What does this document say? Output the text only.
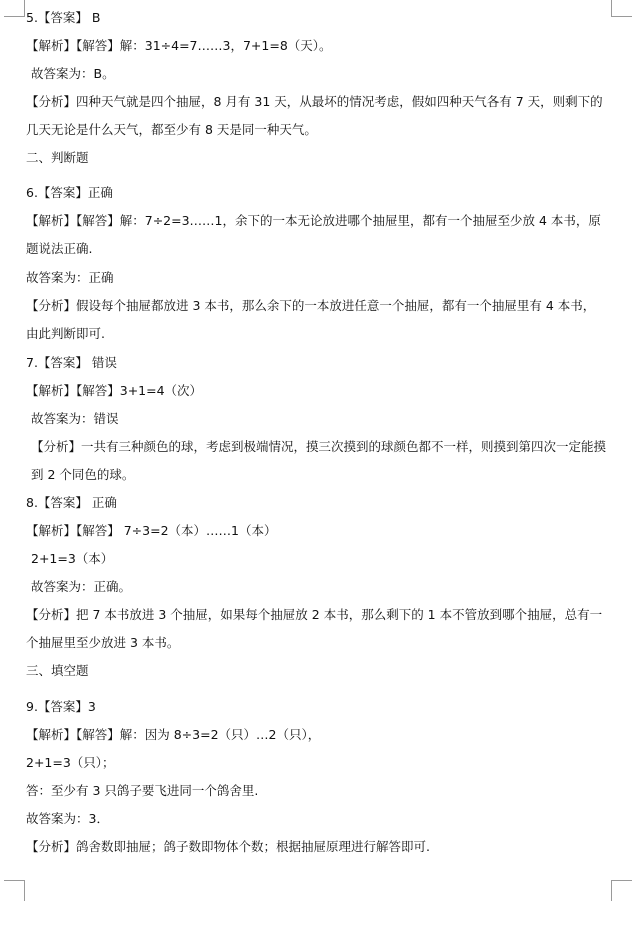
5.【答案】 B
【解析】【解答】解：31÷4=7……3，7+1=8（天）。
故答案为：B。
【分析】四种天气就是四个抽屉，8 月有 31 天，从最坏的情况考虑，假如四种天气各有 7 天，则剩下的几天无论是什么天气，都至少有 8 天是同一种天气。
二、判断题
6.【答案】正确
【解析】【解答】解：7÷2=3……1，余下的一本无论放进哪个抽屉里，都有一个抽屉至少放 4 本书，原题说法正确.
故答案为：正确
【分析】假设每个抽屉都放进 3 本书，那么余下的一本放进任意一个抽屉，都有一个抽屉里有 4 本书，由此判断即可.
7.【答案】 错误
【解析】【解答】3+1=4（次）
故答案为：错误
【分析】一共有三种颜色的球，考虑到极端情况，摸三次摸到的球颜色都不一样，则摸到第四次一定能摸到 2 个同色的球。
8.【答案】 正确
【解析】【解答】 7÷3=2（本）……1（本）
2+1=3（本）
故答案为：正确。
【分析】把 7 本书放进 3 个抽屉，如果每个抽屉放 2 本书，那么剩下的 1 本不管放到哪个抽屉，总有一个抽屉里至少放进 3 本书。
三、填空题
9.【答案】3
【解析】【解答】解：因为 8÷3=2（只）…2（只），
2+1=3（只）；
答：至少有 3 只鸽子要飞进同一个鸽舍里.
故答案为：3．
【分析】鸽舍数即抽屉；鸽子数即物体个数；根据抽屉原理进行解答即可.
